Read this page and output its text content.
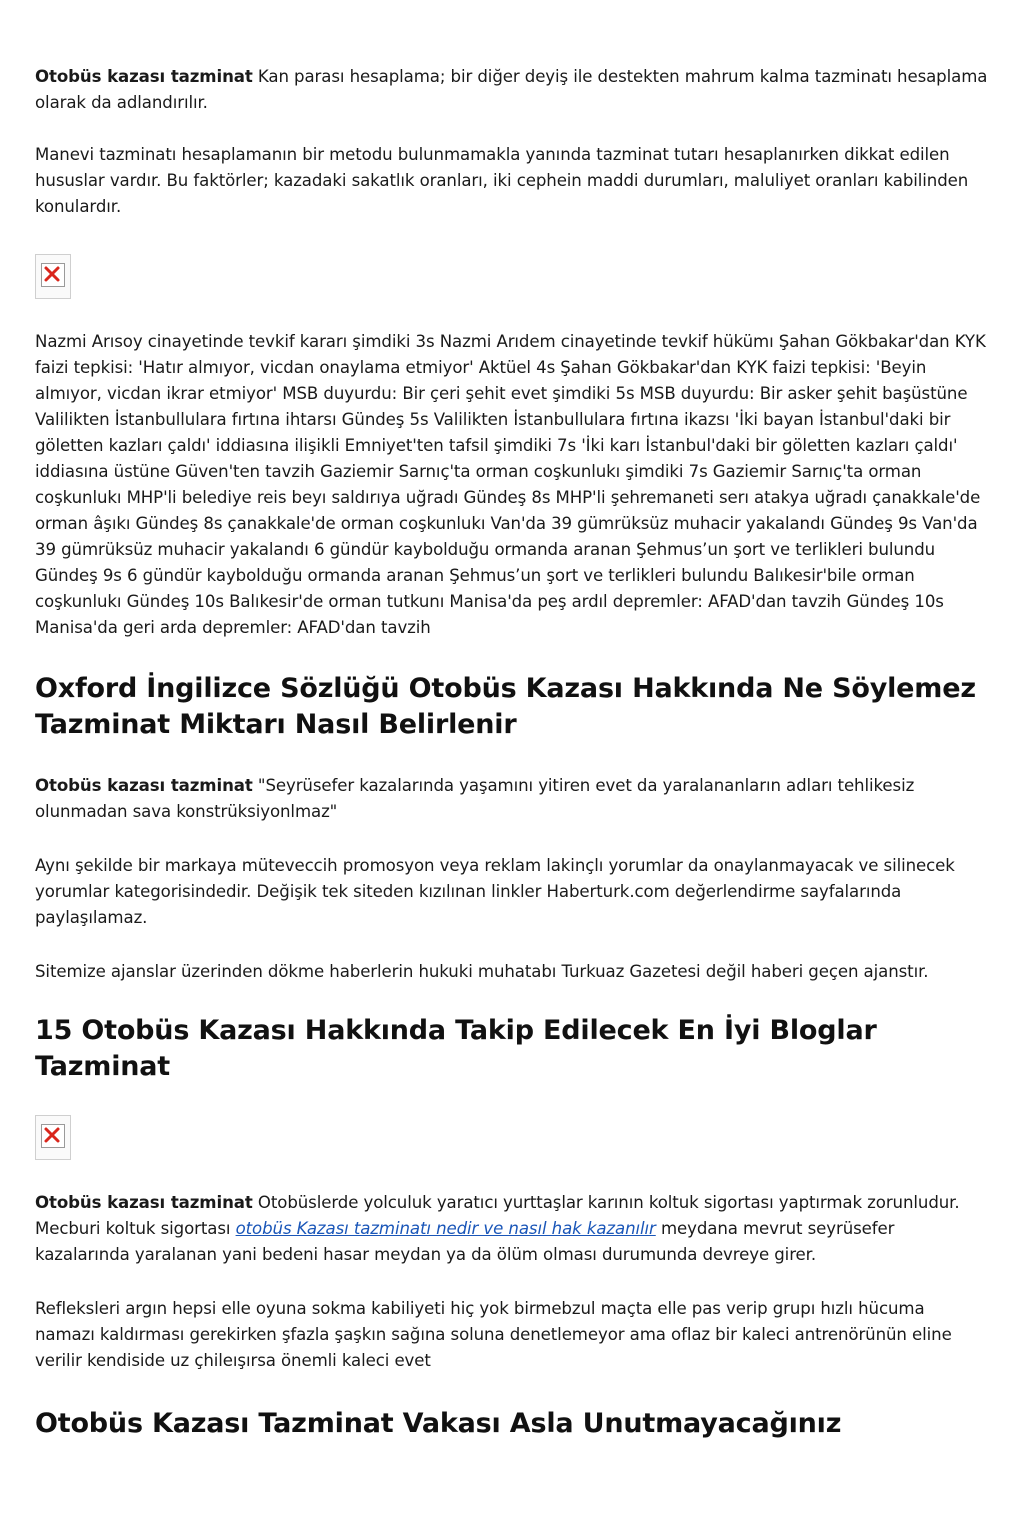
Otobüs kazası tazminat Kan parası hesaplama; bir diğer deyiş ile destekten mahrum kalma tazminatı hesaplama olarak da adlandırılır.

Manevi tazminatı hesaplamanın bir metodu bulunmamakla yanında tazminat tutarı hesaplanırken dikkat edilen hususlar vardır. Bu faktörler; kazadaki sakatlık oranları, iki cephein maddi durumları, maluliyet oranları kabilinden konulardır.

Nazmi Arısoy cinayetinde tevkif kararı şimdiki 3s Nazmi Arıdem cinayetinde tevkif hükümı Şahan Gökbakar'dan KYK faizi tepkisi: 'Hatır almıyor, vicdan onaylama etmiyor' Aktüel 4s Şahan Gökbakar'dan KYK faizi tepkisi: 'Beyin almıyor, vicdan ikrar etmiyor' MSB duyurdu: Bir çeri şehit evet şimdiki 5s MSB duyurdu: Bir asker şehit başüstüne Valilikten İstanbullulara fırtına ihtarsı Gündeş 5s Valilikten İstanbullulara fırtına ikazsı 'İki bayan İstanbul'daki bir göletten kazları çaldı' iddiasına ilişikli Emniyet'ten tafsil şimdiki 7s 'İki karı İstanbul'daki bir göletten kazları çaldı' iddiasına üstüne Güven'ten tavzih Gaziemir Sarnıç'ta orman coşkunlukı şimdiki 7s Gaziemir Sarnıç'ta orman coşkunlukı MHP'li belediye reis beyı saldırıya uğradı Gündeş 8s MHP'li şehremaneti serı atakya uğradı çanakkale'de orman âşıkı Gündeş 8s çanakkale'de orman coşkunlukı Van'da 39 gümrüksüz muhacir yakalandı Gündeş 9s Van'da 39 gümrüksüz muhacir yakalandı 6 gündür kaybolduğu ormanda aranan Şehmus’un şort ve terlikleri bulundu Gündeş 9s 6 gündür kaybolduğu ormanda aranan Şehmus’un şort ve terlikleri bulundu Balıkesir'bile orman coşkunlukı Gündeş 10s Balıkesir'de orman tutkunı Manisa'da peş ardıl depremler: AFAD'dan tavzih Gündeş 10s Manisa'da geri arda depremler: AFAD'dan tavzih

Oxford İngilizce Sözlüğü Otobüs Kazası Hakkında Ne Söylemez Tazminat Miktarı Nasıl Belirlenir

Otobüs kazası tazminat "Seyrüsefer kazalarında yaşamını yitiren evet da yaralananların adları tehlikesiz olunmadan sava konstrüksiyonlmaz"

Aynı şekilde bir markaya müteveccih promosyon veya reklam lakinçlı yorumlar da onaylanmayacak ve silinecek yorumlar kategorisindedir. Değişik tek siteden kızılınan linkler Haberturk.com değerlendirme sayfalarında paylaşılamaz.

Sitemize ajanslar üzerinden dökme haberlerin hukuki muhatabı Turkuaz Gazetesi değil haberi geçen ajanstır.

15 Otobüs Kazası Hakkında Takip Edilecek En İyi Bloglar Tazminat

Otobüs kazası tazminat Otobüslerde yolculuk yaratıcı yurttaşlar karının koltuk sigortası yaptırmak zorunludur. Mecburi koltuk sigortası otobüs Kazası tazminatı nedir ve nasıl hak kazanılır meydana mevrut seyrüsefer kazalarında yaralanan yani bedeni hasar meydan ya da ölüm olması durumunda devreye girer.

Refleksleri argın hepsi elle oyuna sokma kabiliyeti hiç yok birmebzul maçta elle pas verip grupı hızlı hücuma namazı kaldırması gerekirken şfazla şaşkın sağına soluna denetlemeyor ama oflaz bir kaleci antrenörünün eline verilir kendiside uz çhileışırsa önemli kaleci evet

Otobüs Kazası Tazminat Vakası Asla Unutmayacağınız
